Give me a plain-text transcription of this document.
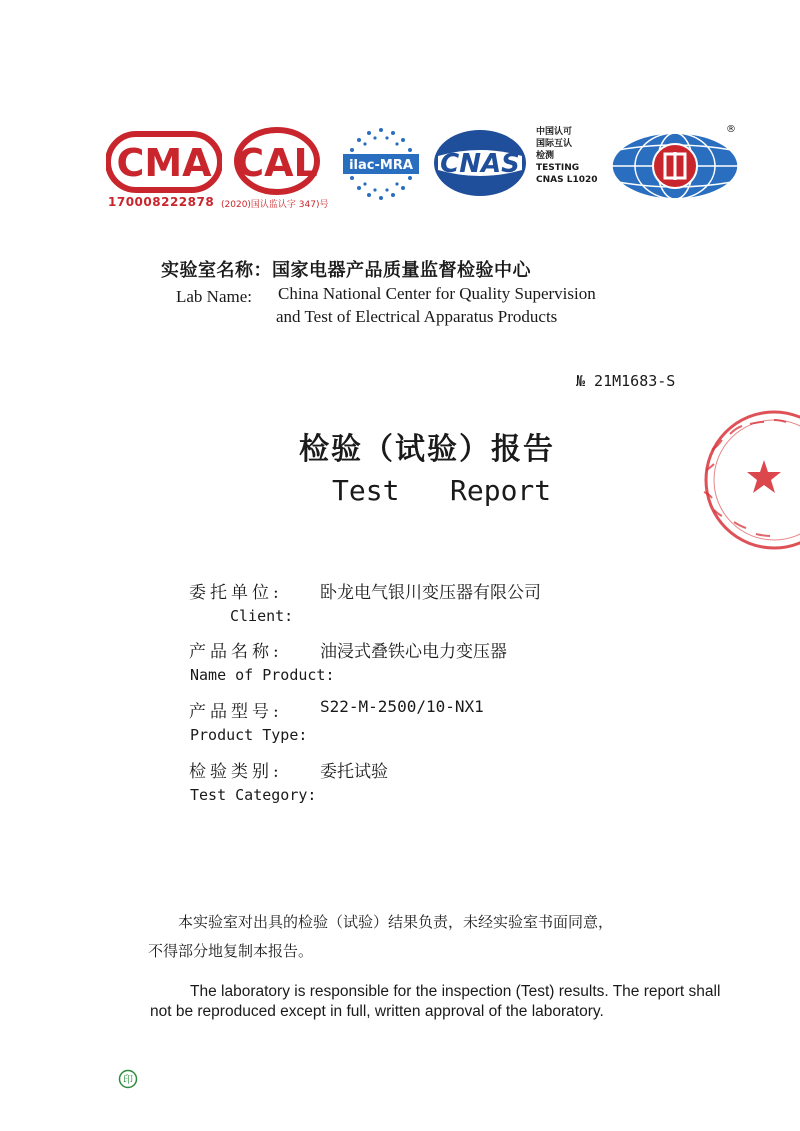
CMA CAL
170008222878 (2020)国认监认字 347)号
ilac-MRA CNAS
中国认可
国际互认
检测
TESTING
CNAS L1020
®
实验室名称：国家电器产品质量监督检验中心
Lab Name: China National Center for Quality Supervision
and Test of Electrical Apparatus Products
№ 21M1683-S
检验（试验）报告
Test   Report
委托单位: 卧龙电气银川变压器有限公司
Client:
产品名称: 油浸式叠铁心电力变压器
Name of Product:
产品型号: S22-M-2500/10-NX1
Product Type:
检验类别: 委托试验
Test Category:
本实验室对出具的检验（试验）结果负责，未经实验室书面同意，
不得部分地复制本报告。
The laboratory is responsible for the inspection (Test) results. The report shall
not be reproduced except in full, written approval of the laboratory.
印
